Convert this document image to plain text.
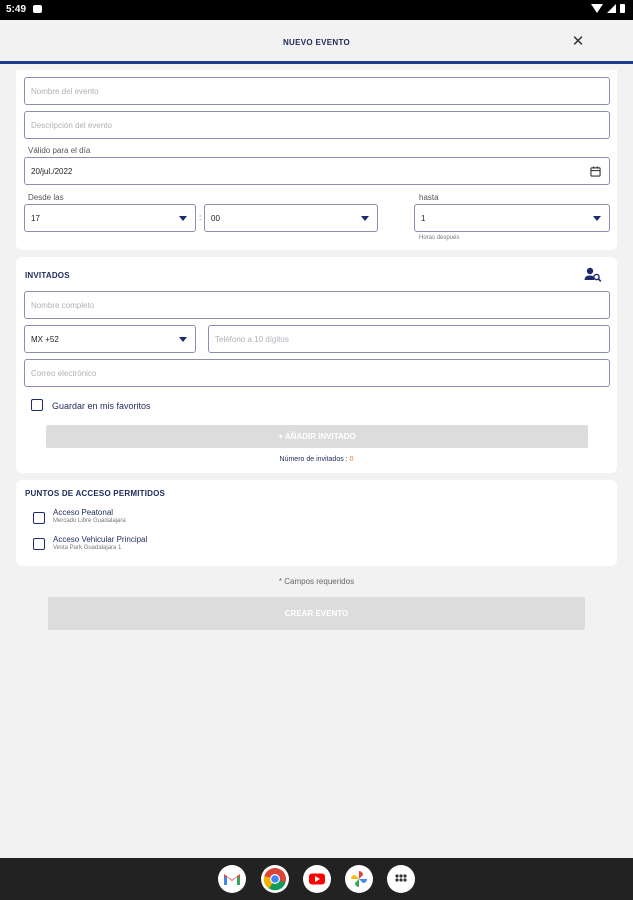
5:49
NUEVO EVENTO	✕
Nombre del evento
Descripción del evento
Válido para el día
20/jul./2022
Desde las
17	: 00
hasta
1
Horas después
INVITADOS
Nombre completo
MX +52	Teléfono a 10 dígitos
Correo electrónico
Guardar en mis favoritos
+ AÑADIR INVITADO
Número de invitados : 0
PUNTOS DE ACCESO PERMITIDOS
Acceso Peatonal
Mercado Libre Guadalajara
Acceso Vehicular Principal
Vesta Park Guadalajara 1
* Campos requeridos
CREAR EVENTO
